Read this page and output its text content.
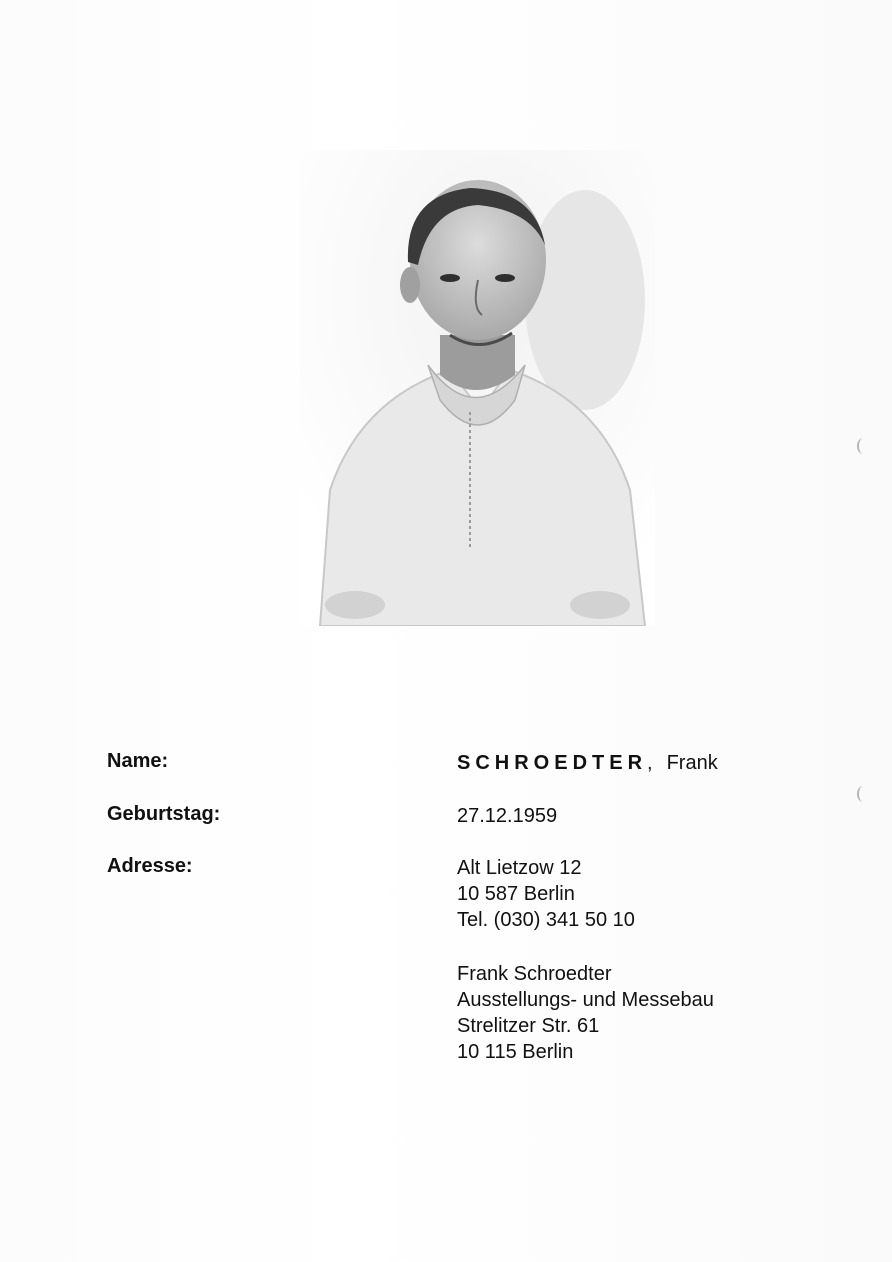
Name:	SCHROEDTER, Frank
Geburtstag:	27.12.1959
Adresse:	Alt Lietzow 12
10 587 Berlin
Tel. (030) 341 50 10
Frank Schroedter
Ausstellungs- und Messebau
Strelitzer Str. 61
10 115 Berlin
